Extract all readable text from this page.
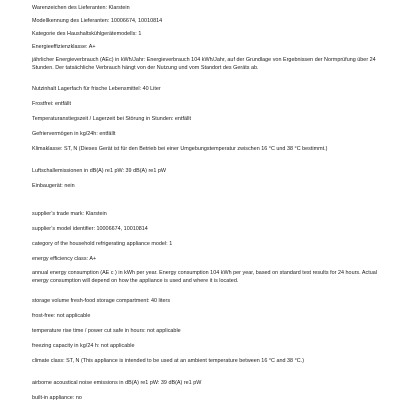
Warenzeichen des Lieferanten: Klarstein
Modellkennung des Lieferanten: 10006674, 10010814
Kategorie des Haushaltskühlgerätemodells: 1
Energieeffizienzklasse: A+
jährlicher Energieverbrauch (AEc) in kWh/Jahr: Energieverbrauch 104 kWh/Jahr, auf der Grundlage von Ergebnissen der Normprüfung über 24 Stunden. Der tatsächliche Verbrauch hängt von der Nutzung und vom Standort des Geräts ab.
Nutzinhalt Lagerfach für frische Lebensmittel: 40 Liter
Frostfrei: entfällt
Temperaturanstiegszeit / Lagerzeit bei Störung in Stunden: entfällt
Gefriervermögen in kg/24h: entfällt
Klimaklasse: ST, N (Dieses Gerät ist für den Betrieb bei einer Umgebungstemperatur zwischen 16 °C und 38 °C bestimmt.)
Luftschallemissionen in dB(A) re1 pW: 39 dB(A) re1 pW
Einbaugerät: nein
supplier’s trade mark: Klarstein
supplier’s model identifier: 10006674, 10010814
category of the household refrigerating appliance model: 1
energy efficiency class: A+
annual energy consumption (AE c ) in kWh per year. Energy consumption 104 kWh per year, based on standard test results for 24 hours. Actual energy consumption will depend on how the appliance is used and where it is located.
storage volume fresh-food storage compartment: 40 liters
frost-free: not applicable
temperature rise time / power cut safe in hours: not applicable
freezing capacity in kg/24 h: not applicable
climate class: ST, N (This appliance is intended to be used at an ambient temperature between 16 °C and 38 °C.)
airborne acoustical noise emissions in dB(A) re1 pW: 39 dB(A) re1 pW
built-in appliance: no
